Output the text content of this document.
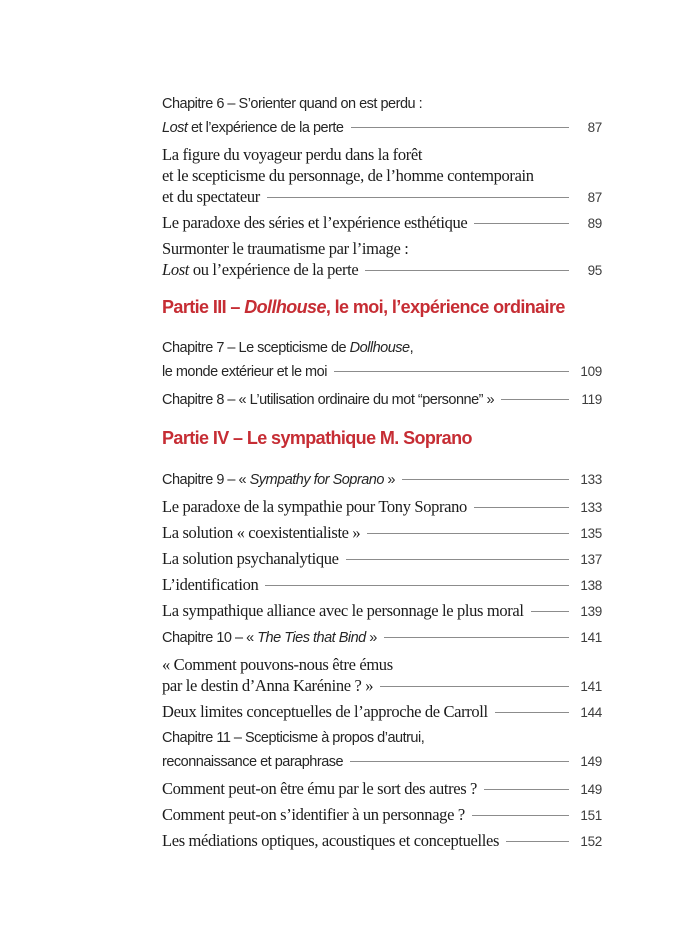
Chapitre 6 – S’orienter quand on est perdu :
Lost et l’expérience de la perte	87
La figure du voyageur perdu dans la forêt
et le scepticisme du personnage, de l’homme contemporain
et du spectateur	87
Le paradoxe des séries et l’expérience esthétique	89
Surmonter le traumatisme par l’image :
Lost ou l’expérience de la perte	95
Partie III – Dollhouse, le moi, l’expérience ordinaire
Chapitre 7 – Le scepticisme de Dollhouse,
le monde extérieur et le moi	109
Chapitre 8 – « L’utilisation ordinaire du mot “personne” »	119
Partie IV – Le sympathique M. Soprano
Chapitre 9 – « Sympathy for Soprano »	133
Le paradoxe de la sympathie pour Tony Soprano	133
La solution « coexistentialiste »	135
La solution psychanalytique	137
L’identification	138
La sympathique alliance avec le personnage le plus moral	139
Chapitre 10 – « The Ties that Bind »	141
« Comment pouvons-nous être émus
par le destin d’Anna Karénine ? »	141
Deux limites conceptuelles de l’approche de Carroll	144
Chapitre 11 – Scepticisme à propos d’autrui,
reconnaissance et paraphrase	149
Comment peut-on être ému par le sort des autres ?	149
Comment peut-on s’identifier à un personnage ?	151
Les médiations optiques, acoustiques et conceptuelles	152
